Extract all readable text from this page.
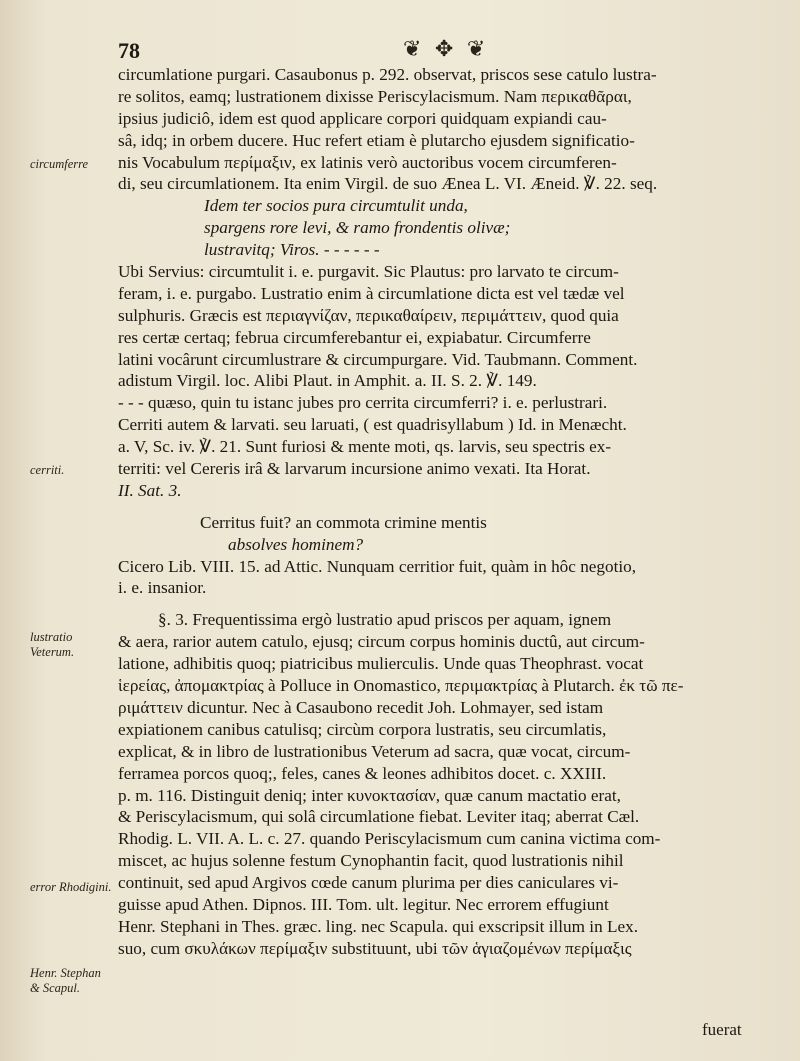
78	❦ ✥ ❦
circumferre
cerriti.
lustratio Veterum.
error Rhodigini.
Henr. Stephan & Scapul.
circumlatione purgari. Casaubonus p. 292. observat, priscos sese catulo lustra-
re solitos, eamq; lustrationem dixisse Periscylacismum. Nam περικαθᾶραι,
ipsius judiciô, idem est quod applicare corpori quidquam expiandi cau-
sâ, idq; in orbem ducere. Huc refert etiam è plutarcho ejusdem significatio-
nis Vocabulum περίμαξιν, ex latinis verò auctoribus vocem circumferen-
di, seu circumlationem. Ita enim Virgil. de suo Ænea L. VI. Æneid. ℣. 22. seq.
Idem ter socios pura circumtulit unda,
spargens rore levi, & ramo frondentis olivæ;
lustravitq; Viros. - - - - - -
Ubi Servius: circumtulit i. e. purgavit. Sic Plautus: pro larvato te circum-
feram, i. e. purgabo. Lustratio enim à circumlatione dicta est vel tædæ vel
sulphuris. Græcis est περιαγνίζαν, περικαθαίρειν, περιμάττειν, quod quia
res certæ certaq; februa circumferebantur ei, expiabatur. Circumferre
latini vocârunt circumlustrare & circumpurgare. Vid. Taubmann. Comment.
adistum Virgil. loc. Alibi Plaut. in Amphit. a. II. S. 2. ℣. 149.
- - - quæso, quin tu istanc jubes pro cerrita circumferri? i. e. perlustrari.
Cerriti autem & larvati. seu laruati, ( est quadrisyllabum ) Id. in Menæcht.
a. V, Sc. iv. ℣. 21. Sunt furiosi & mente moti, qs. larvis, seu spectris ex-
territi: vel Cereris irâ & larvarum incursione animo vexati. Ita Horat.
II. Sat. 3.
Cerritus fuit? an commota crimine mentis
absolves hominem?
Cicero Lib. VIII. 15. ad Attic. Nunquam cerritior fuit, quàm in hôc negotio,
i. e. insanior.
§. 3. Frequentissima ergò lustratio apud priscos per aquam, ignem
& aera, rarior autem catulo, ejusq; circum corpus hominis ductû, aut circum-
latione, adhibitis quoq; piatricibus mulierculis. Unde quas Theophrast. vocat
ἱερείας, ἀπομακτρίας à Polluce in Onomastico, περιμακτρίας à Plutarch. ἐκ τῶ πε-
ριμάττειν dicuntur. Nec à Casaubono recedit Joh. Lohmayer, sed istam
expiationem canibus catulisq; circùm corpora lustratis, seu circumlatis,
explicat, & in libro de lustrationibus Veterum ad sacra, quæ vocat, circum-
ferramea porcos quoq;, feles, canes & leones adhibitos docet. c. XXIII.
p. m. 116. Distinguit deniq; inter κυνοκτασίαν, quæ canum mactatio erat,
& Periscylacismum, qui solâ circumlatione fiebat. Leviter itaq; aberrat Cæl.
Rhodig. L. VII. A. L. c. 27. quando Periscylacismum cum canina victima com-
miscet, ac hujus solenne festum Cynophantin facit, quod lustrationis nihil
continuit, sed apud Argivos cœde canum plurima per dies caniculares vi-
guisse apud Athen. Dipnos. III. Tom. ult. legitur. Nec errorem effugiunt
Henr. Stephani in Thes. græc. ling. nec Scapula. qui exscripsit illum in Lex.
suo, cum σκυλάκων περίμαξιν substituunt, ubi τῶν ἁγιαζομένων περίμαξις
fuerat
